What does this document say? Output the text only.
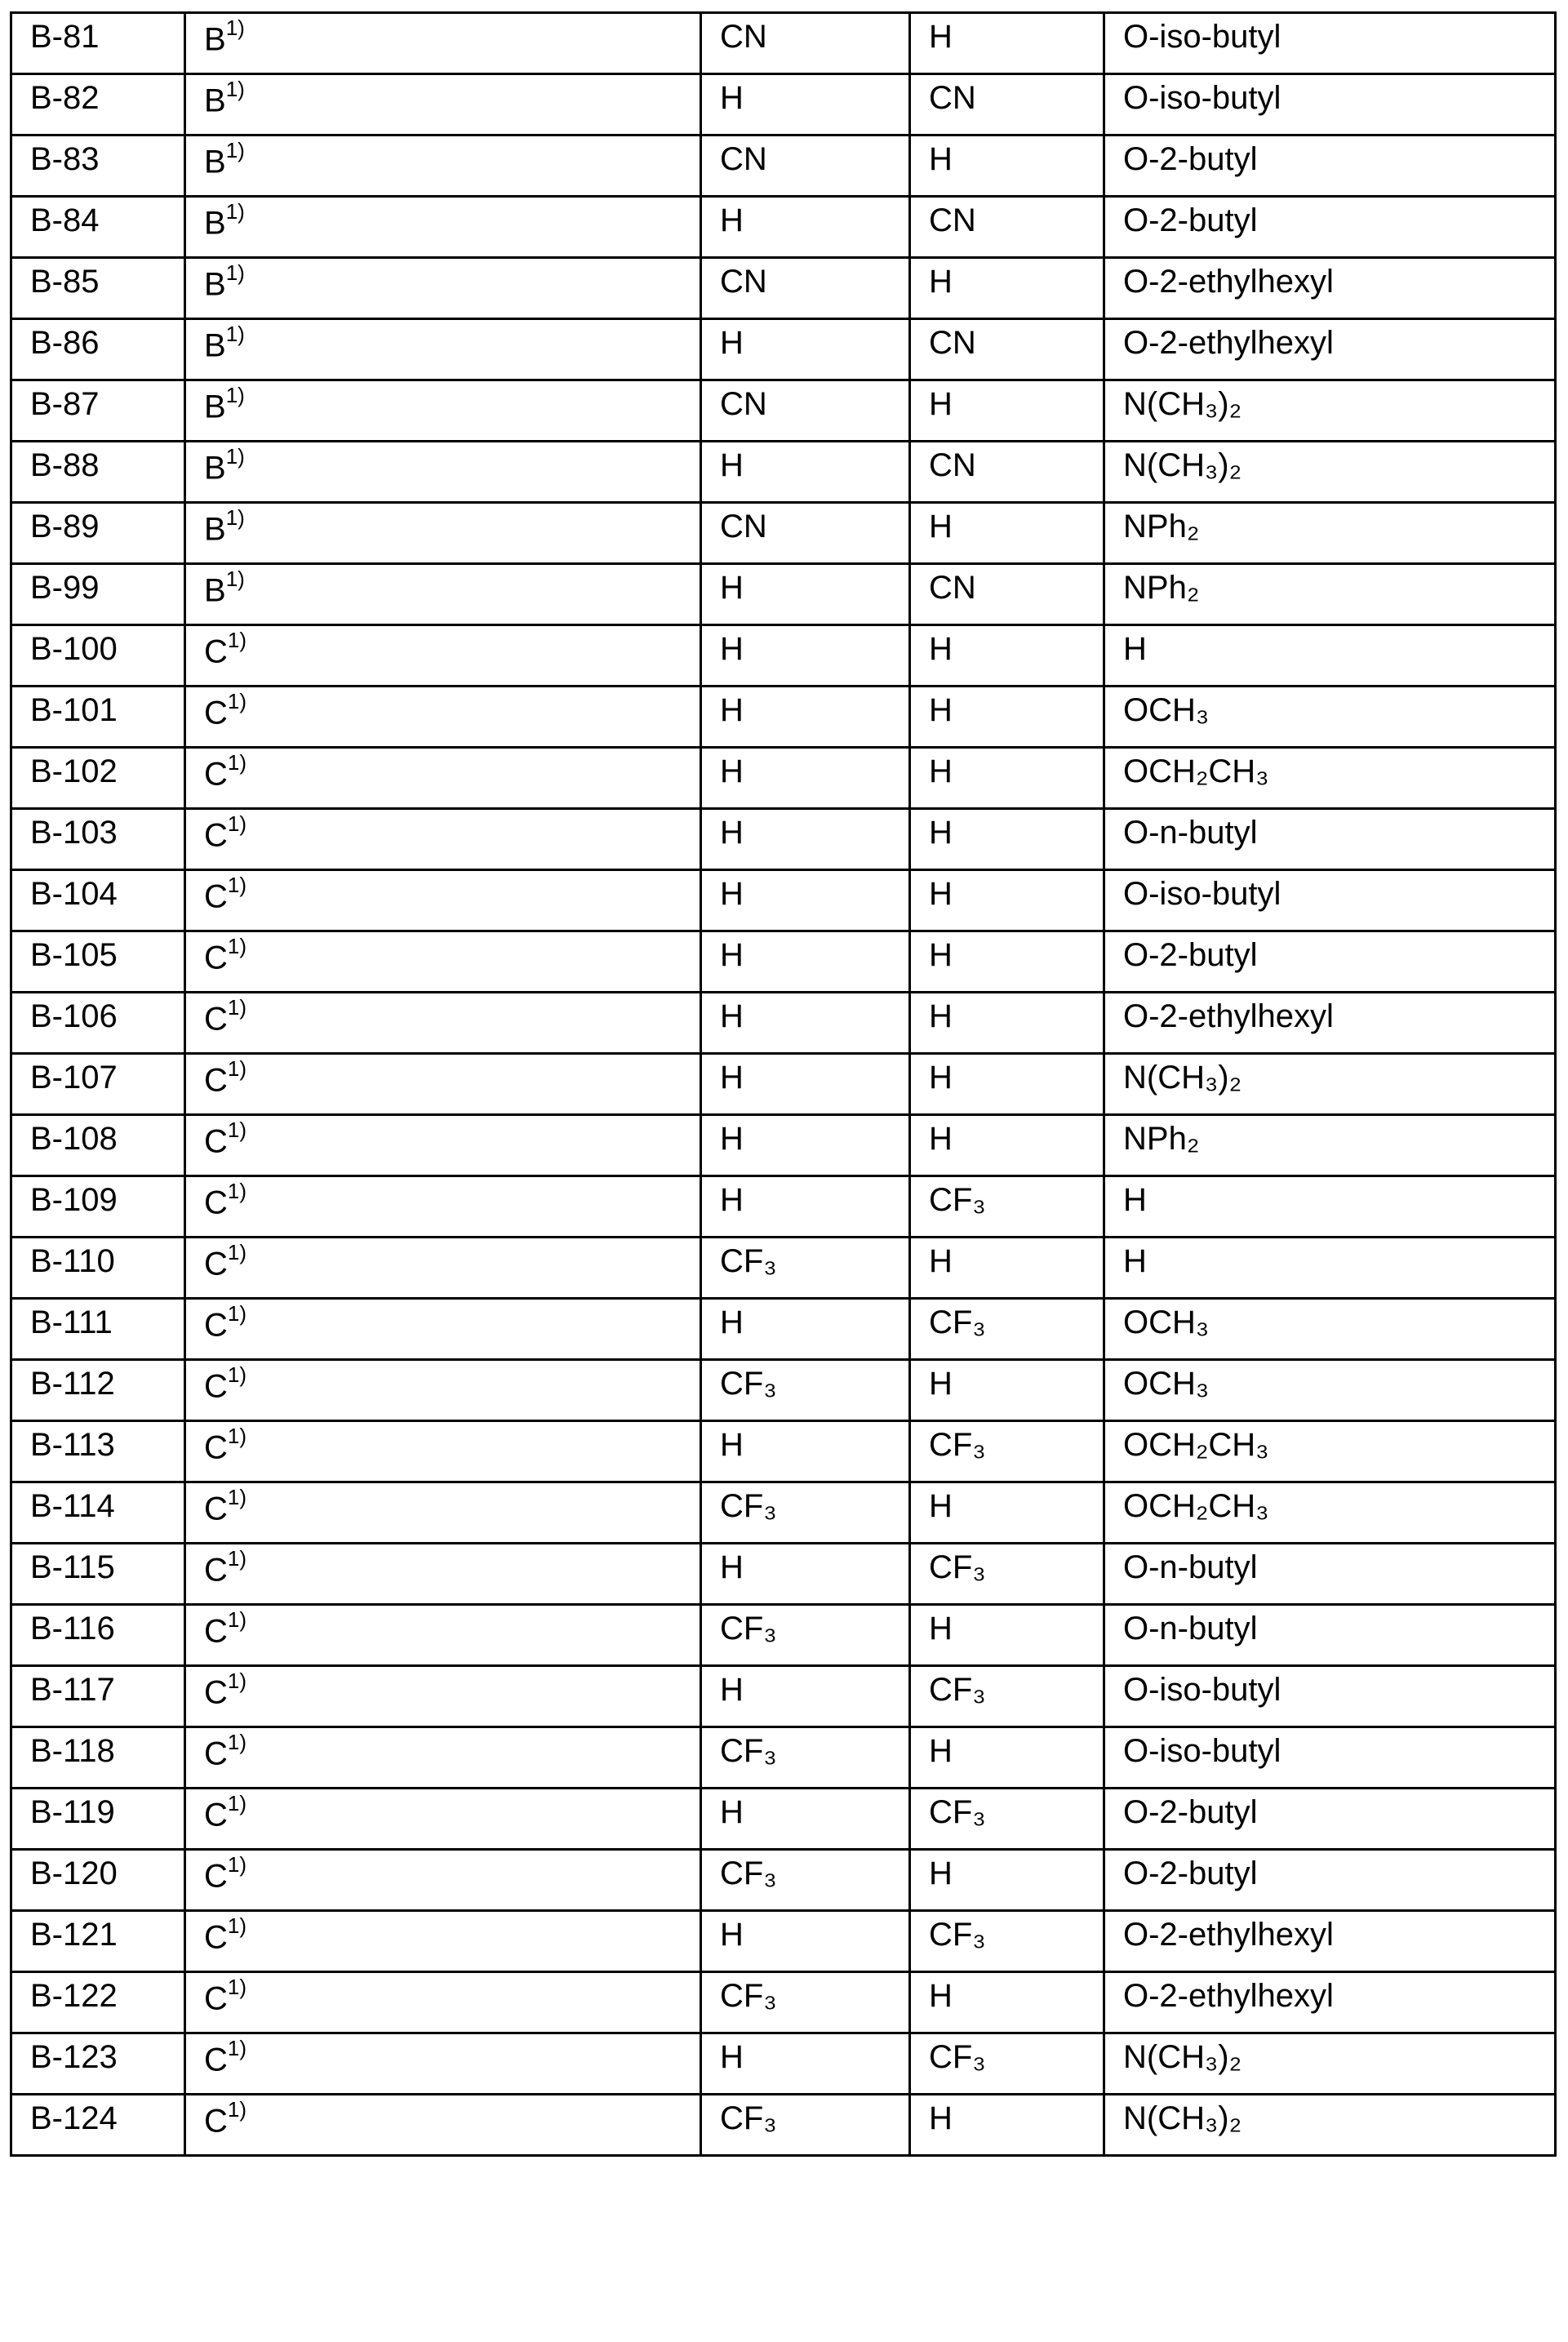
B-81	B1)	CN	H	O-iso-butyl
B-82	B1)	H	CN	O-iso-butyl
B-83	B1)	CN	H	O-2-butyl
B-84	B1)	H	CN	O-2-butyl
B-85	B1)	CN	H	O-2-ethylhexyl
B-86	B1)	H	CN	O-2-ethylhexyl
B-87	B1)	CN	H	N(CH₃)₂
B-88	B1)	H	CN	N(CH₃)₂
B-89	B1)	CN	H	NPh₂
B-99	B1)	H	CN	NPh₂
B-100	C1)	H	H	H
B-101	C1)	H	H	OCH₃
B-102	C1)	H	H	OCH₂CH₃
B-103	C1)	H	H	O-n-butyl
B-104	C1)	H	H	O-iso-butyl
B-105	C1)	H	H	O-2-butyl
B-106	C1)	H	H	O-2-ethylhexyl
B-107	C1)	H	H	N(CH₃)₂
B-108	C1)	H	H	NPh₂
B-109	C1)	H	CF₃	H
B-110	C1)	CF₃	H	H
B-111	C1)	H	CF₃	OCH₃
B-112	C1)	CF₃	H	OCH₃
B-113	C1)	H	CF₃	OCH₂CH₃
B-114	C1)	CF₃	H	OCH₂CH₃
B-115	C1)	H	CF₃	O-n-butyl
B-116	C1)	CF₃	H	O-n-butyl
B-117	C1)	H	CF₃	O-iso-butyl
B-118	C1)	CF₃	H	O-iso-butyl
B-119	C1)	H	CF₃	O-2-butyl
B-120	C1)	CF₃	H	O-2-butyl
B-121	C1)	H	CF₃	O-2-ethylhexyl
B-122	C1)	CF₃	H	O-2-ethylhexyl
B-123	C1)	H	CF₃	N(CH₃)₂
B-124	C1)	CF₃	H	N(CH₃)₂
